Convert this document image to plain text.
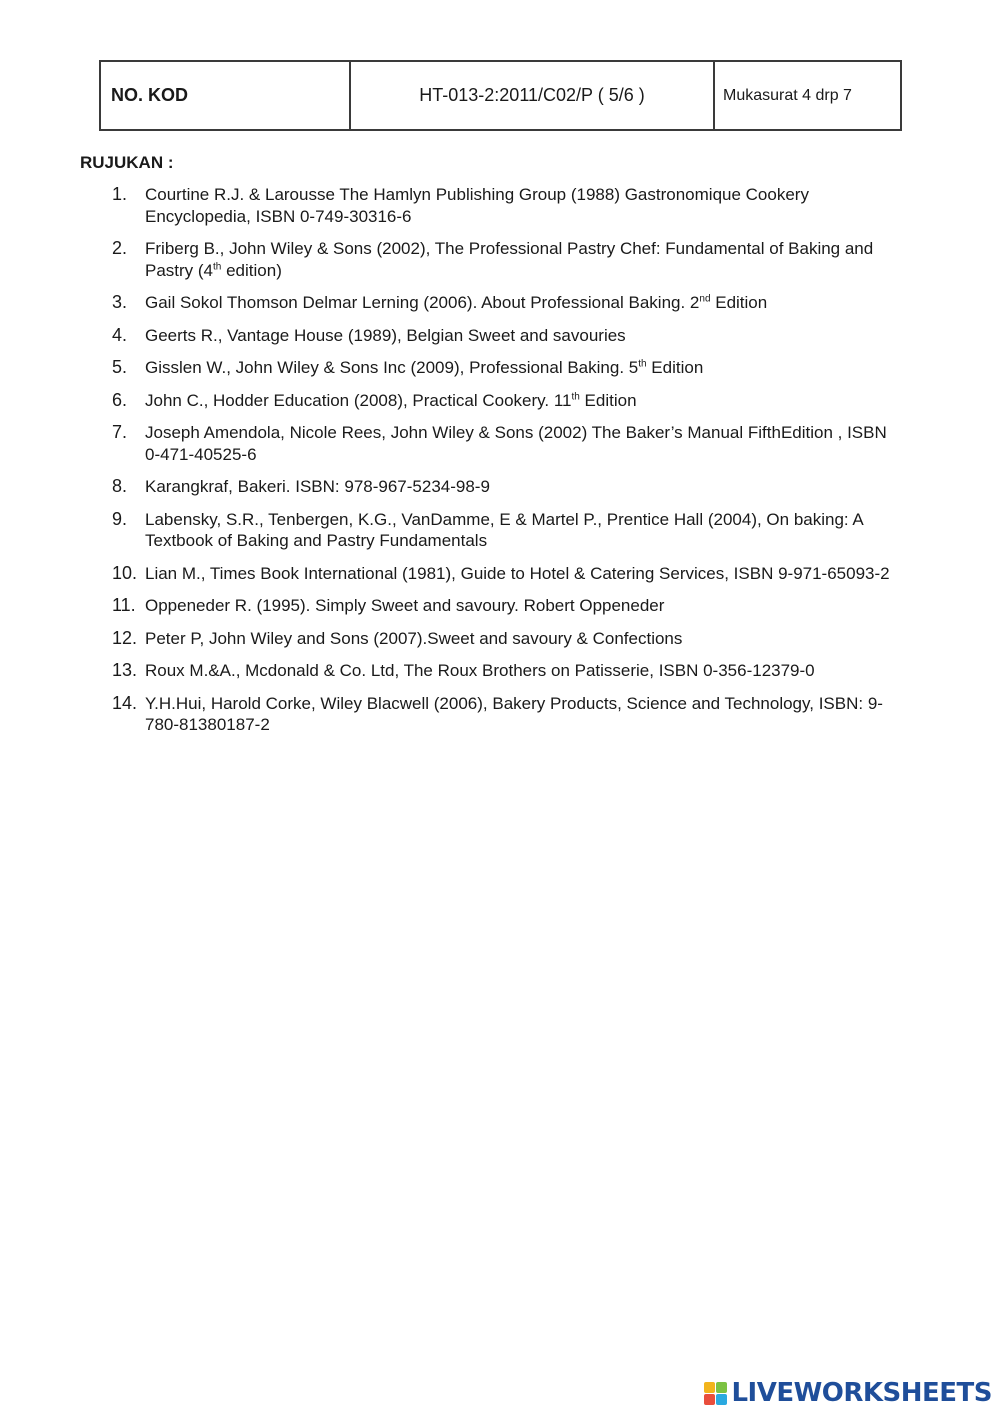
NO. KOD	HT-013-2:2011/C02/P ( 5/6 )	Mukasurat 4 drp 7
RUJUKAN :
1.	Courtine R.J. & Larousse The Hamlyn Publishing Group (1988) Gastronomique Cookery Encyclopedia, ISBN 0-749-30316-6
2.	Friberg B., John Wiley & Sons (2002), The Professional Pastry Chef: Fundamental of Baking and Pastry (4th edition)
3.	Gail Sokol Thomson Delmar Lerning (2006). About Professional Baking. 2nd Edition
4.	Geerts R., Vantage House (1989), Belgian Sweet and savouries
5.	Gisslen W., John Wiley & Sons Inc (2009), Professional Baking. 5th Edition
6.	John C., Hodder Education (2008), Practical Cookery. 11th Edition
7.	Joseph Amendola, Nicole Rees, John Wiley & Sons (2002) The Baker’s Manual FifthEdition , ISBN 0-471-40525-6
8.	Karangkraf, Bakeri. ISBN: 978-967-5234-98-9
9.	Labensky, S.R., Tenbergen, K.G., VanDamme, E & Martel P., Prentice Hall (2004), On baking: A Textbook of Baking and Pastry Fundamentals
10. Lian M., Times Book International (1981), Guide to Hotel & Catering Services, ISBN 9-971-65093-2
11. Oppeneder R. (1995). Simply Sweet and savoury. Robert Oppeneder
12. Peter P, John Wiley and Sons (2007).Sweet and savoury & Confections
13. Roux M.&A., Mcdonald & Co. Ltd, The Roux Brothers on Patisserie, ISBN 0-356-12379-0
14. Y.H.Hui, Harold Corke, Wiley Blacwell (2006), Bakery Products, Science and Technology, ISBN: 9-780-81380187-2
LIVEWORKSHEETS
